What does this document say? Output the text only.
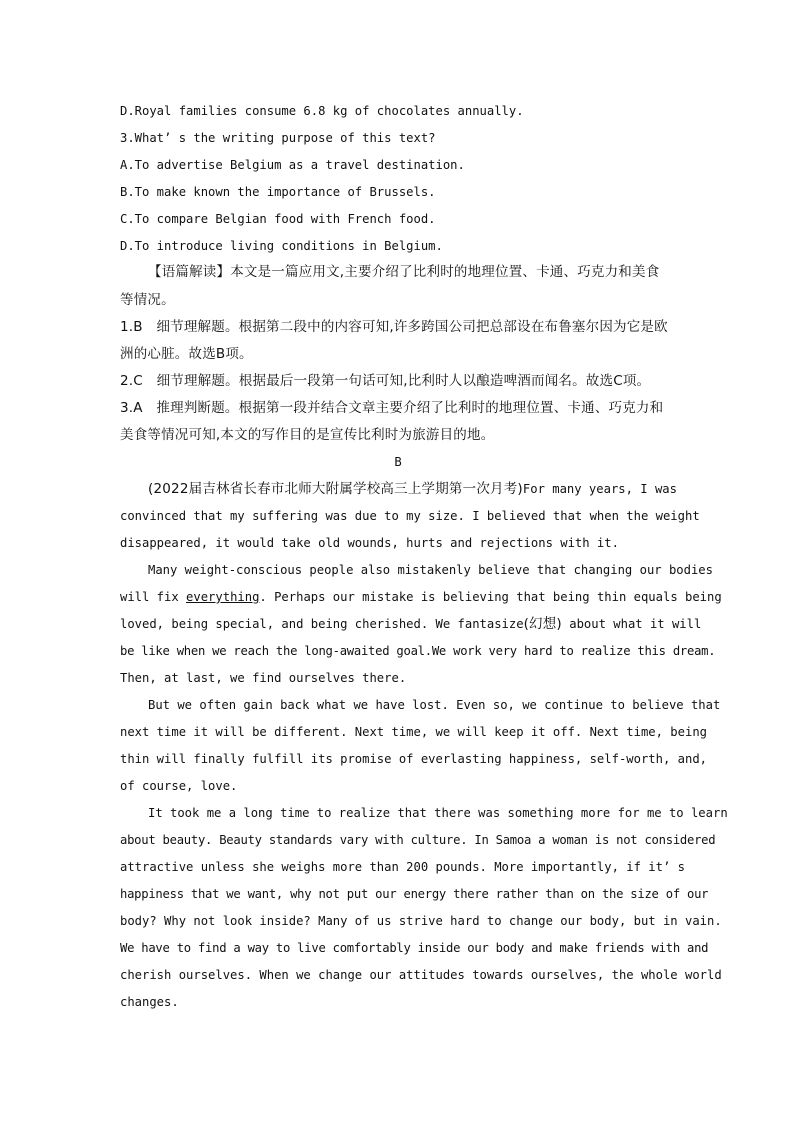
D.Royal families consume 6.8 kg of chocolates annually.
3.What’ s the writing purpose of this text?
A.To advertise Belgium as a travel destination.
B.To make known the importance of Brussels.
C.To compare Belgian food with French food.
D.To introduce living conditions in Belgium.
【语篇解读】本文是一篇应用文,主要介绍了比利时的地理位置、卡通、巧克力和美食
等情况。
1.B　细节理解题。根据第二段中的内容可知,许多跨国公司把总部设在布鲁塞尔因为它是欧
洲的心脏。故选B项。
2.C　细节理解题。根据最后一段第一句话可知,比利时人以酿造啤酒而闻名。故选C项。
3.A　推理判断题。根据第一段并结合文章主要介绍了比利时的地理位置、卡通、巧克力和
美食等情况可知,本文的写作目的是宣传比利时为旅游目的地。
B
(2022届吉林省长春市北师大附属学校高三上学期第一次月考)For many years, I was
convinced that my suffering was due to my size. I believed that when the weight
disappeared, it would take old wounds, hurts and rejections with it.
Many weight-conscious people also mistakenly believe that changing our bodies
will fix everything. Perhaps our mistake is believing that being thin equals being
loved, being special, and being cherished. We fantasize(幻想) about what it will
be like when we reach the long-awaited goal.We work very hard to realize this dream.
Then, at last, we find ourselves there.
But we often gain back what we have lost. Even so, we continue to believe that
next time it will be different. Next time, we will keep it off. Next time, being
thin will finally fulfill its promise of everlasting happiness, self-worth, and,
of course, love.
It took me a long time to realize that there was something more for me to learn
about beauty. Beauty standards vary with culture. In Samoa a woman is not considered
attractive unless she weighs more than 200 pounds. More importantly, if it’ s
happiness that we want, why not put our energy there rather than on the size of our
body? Why not look inside? Many of us strive hard to change our body, but in vain.
We have to find a way to live comfortably inside our body and make friends with and
cherish ourselves. When we change our attitudes towards ourselves, the whole world
changes.
